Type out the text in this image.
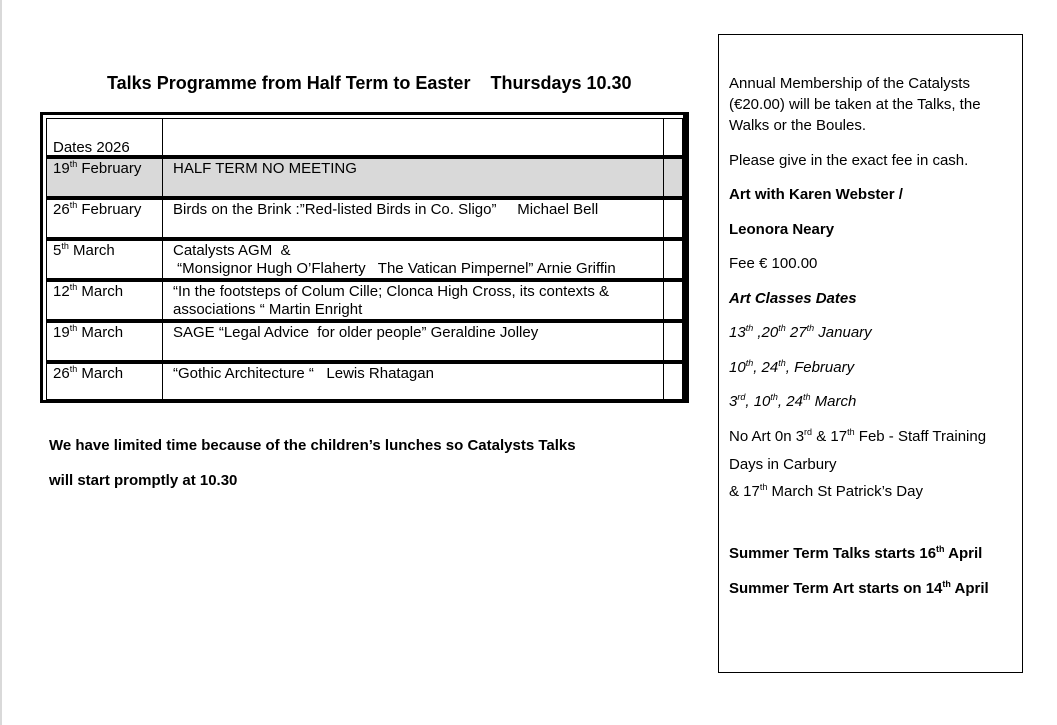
Talks Programme from Half Term to Easter    Thursdays 10.30
Dates 2026
19th February HALF TERM NO MEETING
26th February Birds on the Brink :”Red-listed Birds in Co. Sligo”     Michael Bell
5th March	Catalysts AGM  &
“Monsignor Hugh O’Flaherty   The Vatican Pimpernel” Arnie Griffin
12th March	“In the footsteps of Colum Cille; Clonca High Cross, its contexts &
associations “ Martin Enright
19th March	SAGE “Legal Advice  for older people” Geraldine Jolley
26th March	“Gothic Architecture “   Lewis Rhatagan
We have limited time because of the children’s lunches so Catalysts Talks
will start promptly at 10.30
Annual Membership of the Catalysts
(€20.00) will be taken at the Talks, the
Walks or the Boules.
Please give in the exact fee in cash.
Art with Karen Webster /
Leonora Neary
Fee € 100.00
Art Classes Dates
13th ,20th 27th January
10th, 24th, February
3rd, 10th, 24th March
No Art 0n 3rd & 17th Feb - Staff Training
Days in Carbury
& 17th March St Patrick’s Day
Summer Term Talks starts 16th April
Summer Term Art starts on 14th April
